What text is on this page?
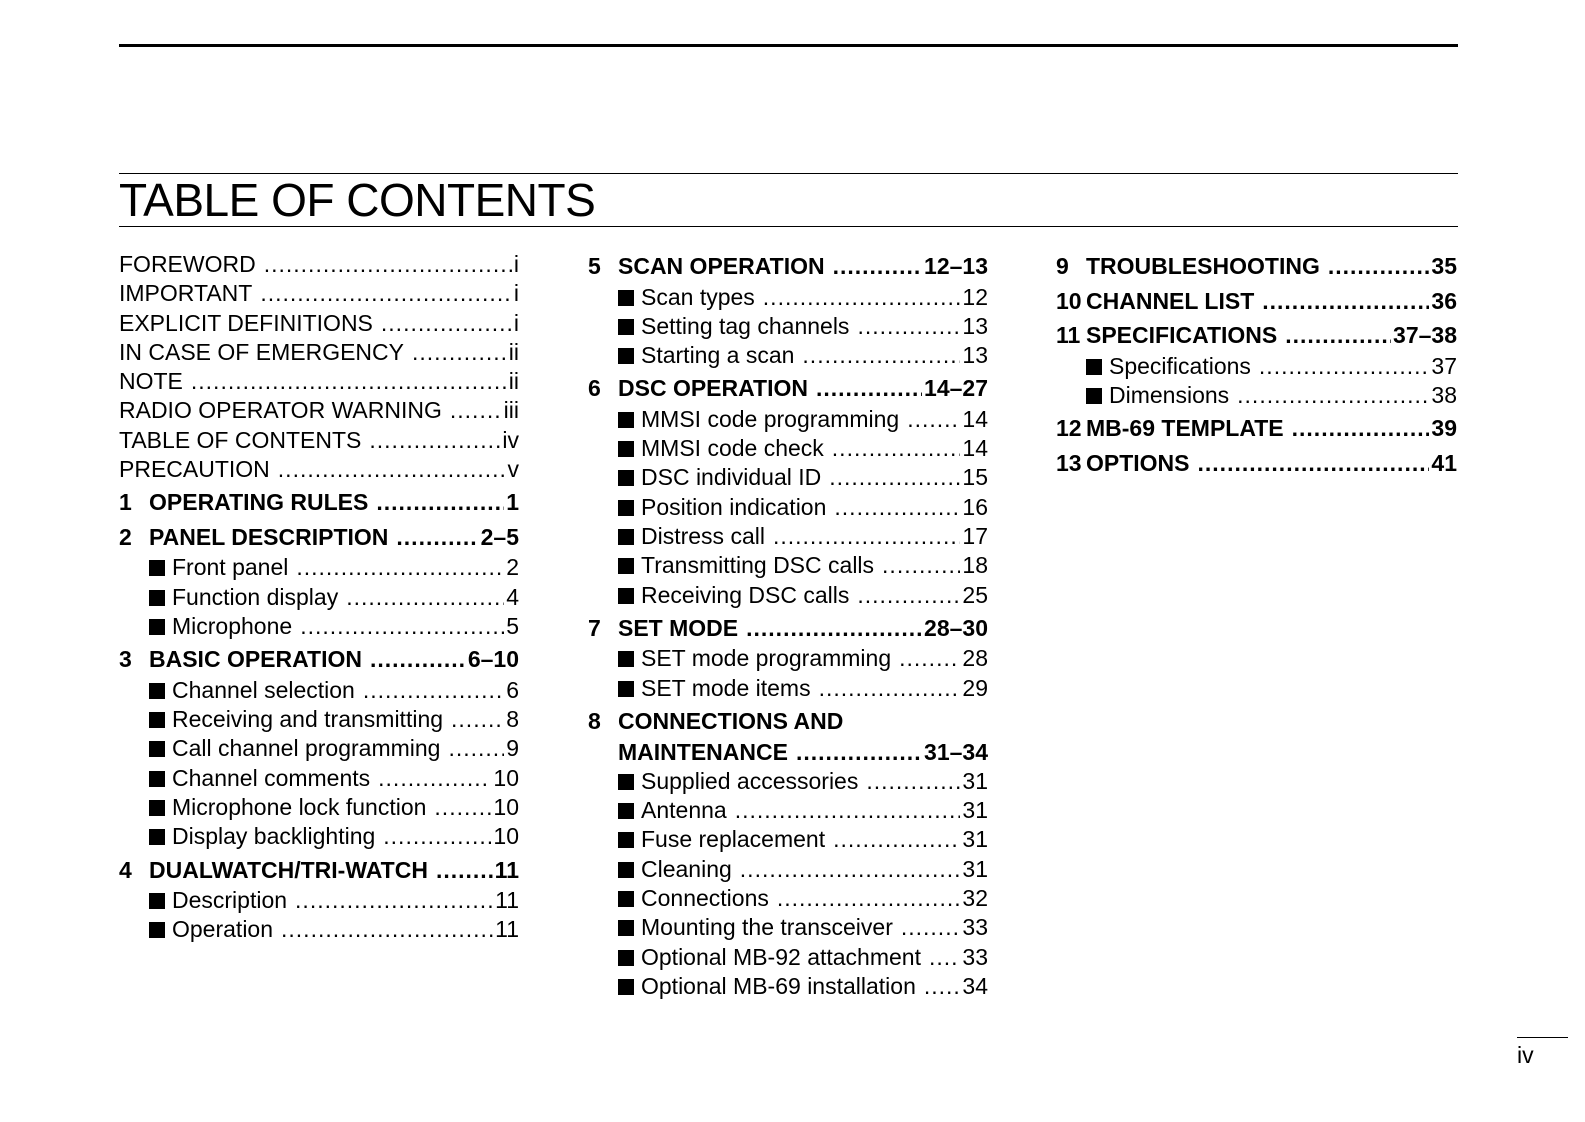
TABLE OF CONTENTS
FOREWORD .....	i
IMPORTANT .....	i
EXPLICIT DEFINITIONS .....	i
IN CASE OF EMERGENCY .....	ii
NOTE .....	ii
RADIO OPERATOR WARNING .....	iii
TABLE OF CONTENTS .....	iv
PRECAUTION .....	v
1 OPERATING RULES .....	1
2 PANEL DESCRIPTION .....	2–5
Front panel .....	2
Function display .....	4
Microphone .....	5
3 BASIC OPERATION .....	6–10
Channel selection .....	6
Receiving and transmitting .....	8
Call channel programming .....	9
Channel comments .....	10
Microphone lock function .....	10
Display backlighting .....	10
4 DUALWATCH/TRI-WATCH .....	11
Description .....	11
Operation .....	11
5 SCAN OPERATION .....	12–13
Scan types .....	12
Setting tag channels .....	13
Starting a scan .....	13
6 DSC OPERATION .....	14–27
MMSI code programming .....	14
MMSI code check .....	14
DSC individual ID .....	15
Position indication .....	16
Distress call .....	17
Transmitting DSC calls .....	18
Receiving DSC calls .....	25
7 SET MODE .....	28–30
SET mode programming .....	28
SET mode items .....	29
8 CONNECTIONS AND
MAINTENANCE .....	31–34
Supplied accessories .....	31
Antenna .....	31
Fuse replacement .....	31
Cleaning .....	31
Connections .....	32
Mounting the transceiver .....	33
Optional MB-92 attachment ..... 33
Optional MB-69 installation ..... 34
9 TROUBLESHOOTING .....	35
10 CHANNEL LIST .....	36
11 SPECIFICATIONS .....	37–38
Specifications .....	37
Dimensions .....	38
12 MB-69 TEMPLATE .....	39
13 OPTIONS .....	41
iv
